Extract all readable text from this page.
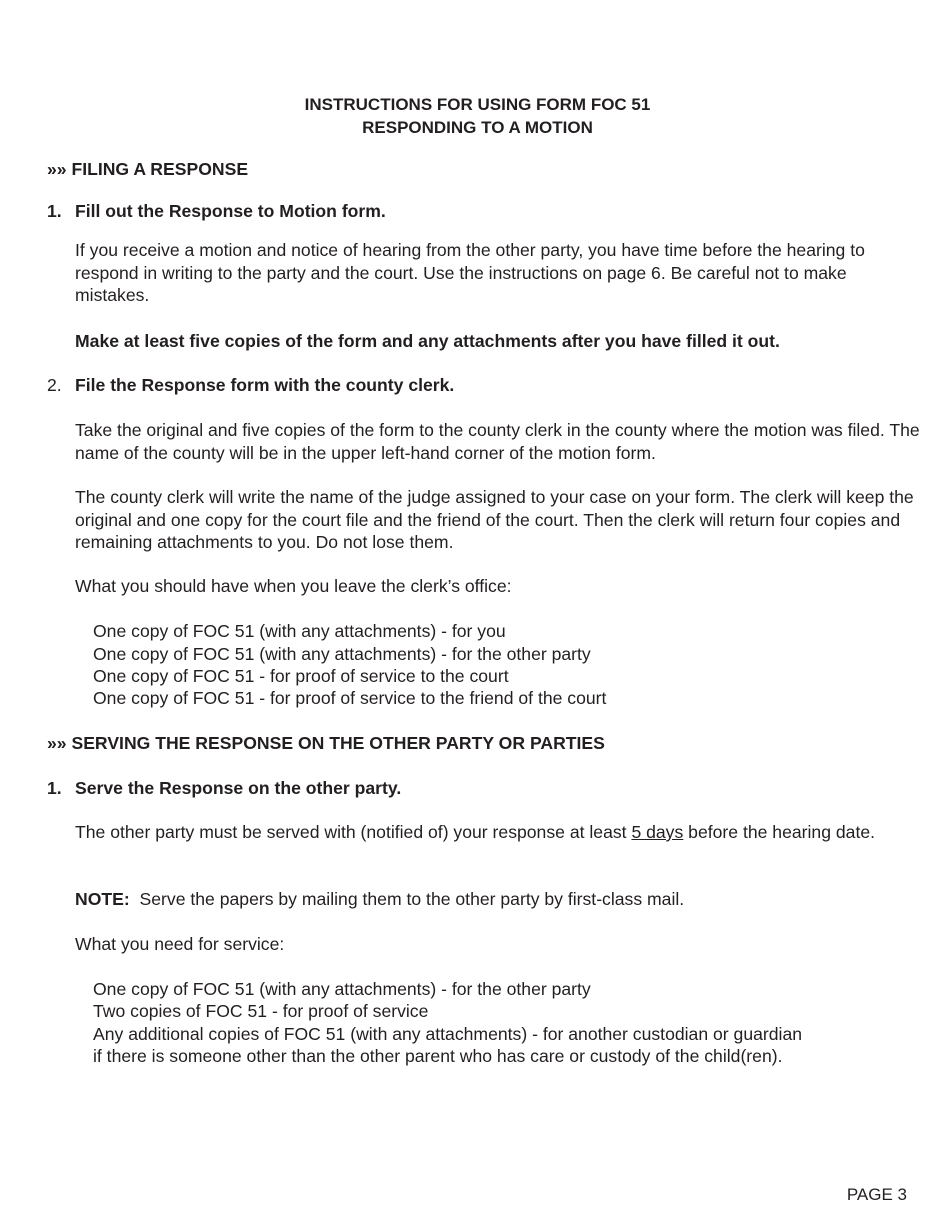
INSTRUCTIONS FOR USING FORM FOC 51
RESPONDING TO A MOTION
»» FILING A RESPONSE
1. Fill out the Response to Motion form.
If you receive a motion and notice of hearing from the other party, you have time before the hearing to respond in writing to the party and the court. Use the instructions on page 6. Be careful not to make mistakes.
Make at least five copies of the form and any attachments after you have filled it out.
2. File the Response form with the county clerk.
Take the original and five copies of the form to the county clerk in the county where the motion was filed. The name of the county will be in the upper left-hand corner of the motion form.
The county clerk will write the name of the judge assigned to your case on your form. The clerk will keep the original and one copy for the court file and the friend of the court. Then the clerk will return four copies and remaining attachments to you. Do not lose them.
What you should have when you leave the clerk’s office:
One copy of FOC 51 (with any attachments) - for you
One copy of FOC 51 (with any attachments) - for the other party
One copy of FOC 51 - for proof of service to the court
One copy of FOC 51 - for proof of service to the friend of the court
»» SERVING THE RESPONSE ON THE OTHER PARTY OR PARTIES
1. Serve the Response on the other party.
The other party must be served with (notified of) your response at least 5 days before the hearing date.
NOTE: Serve the papers by mailing them to the other party by first-class mail.
What you need for service:
One copy of FOC 51 (with any attachments) - for the other party
Two copies of FOC 51 - for proof of service
Any additional copies of FOC 51 (with any attachments) - for another custodian or guardian
if there is someone other than the other parent who has care or custody of the child(ren).
PAGE 3
